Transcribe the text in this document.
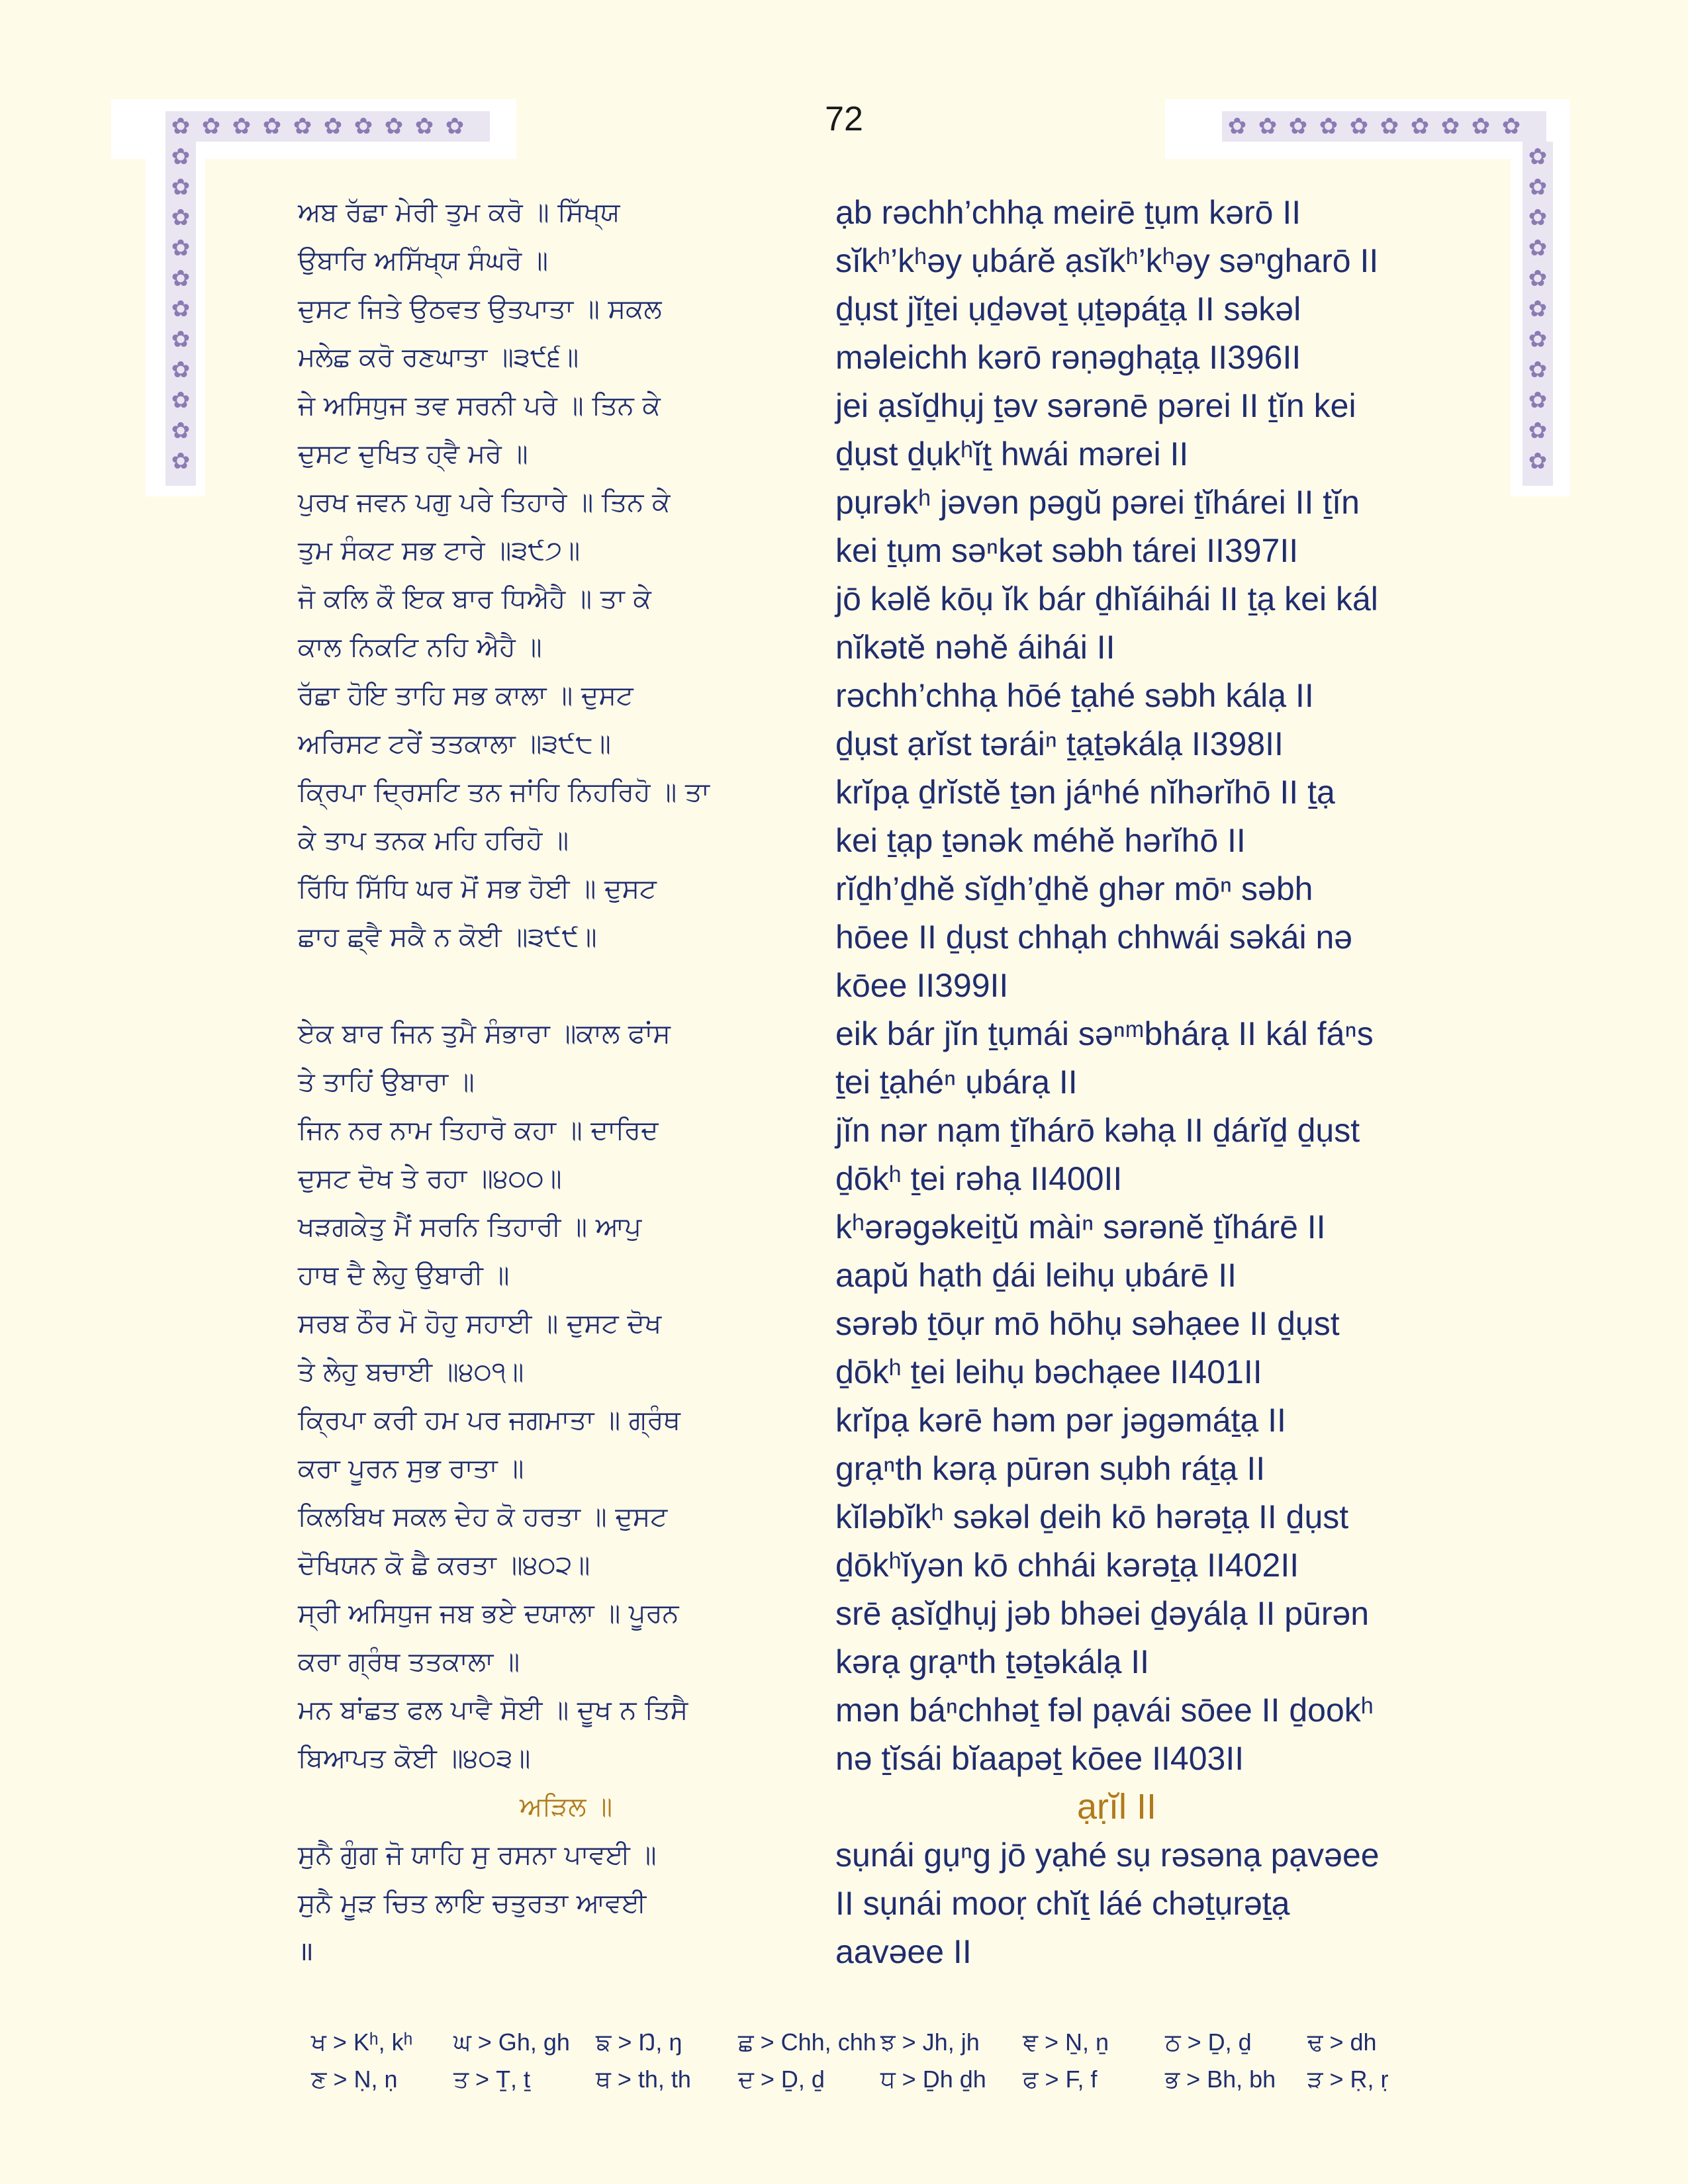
✿ ✿ ✿ ✿ ✿ ✿ ✿ ✿ ✿ ✿
✿
✿
✿
✿
✿
✿
✿
✿
✿
✿
✿
✿ ✿ ✿ ✿ ✿ ✿ ✿ ✿ ✿ ✿
✿
✿
✿
✿
✿
✿
✿
✿
✿
✿
✿
72
ਅਬ ਰੱਛਾ ਮੇਰੀ ਤੁਮ ਕਰੋ ॥ ਸਿੱਖ੍ਯ
ਉਬਾਰਿ ਅਸਿੱਖ੍ਯ ਸੰਘਰੋ ॥
ਦੁਸਟ ਜਿਤੇ ਉਠਵਤ ਉਤਪਾਤਾ ॥ ਸਕਲ
ਮਲੇਛ ਕਰੋ ਰਣਘਾਤਾ ॥੩੯੬॥
ਜੇ ਅਸਿਧੁਜ ਤਵ ਸਰਨੀ ਪਰੇ ॥ ਤਿਨ ਕੇ
ਦੁਸਟ ਦੁਖਿਤ ਹ੍ਵੈ ਮਰੇ ॥
ਪੁਰਖ ਜਵਨ ਪਗੁ ਪਰੇ ਤਿਹਾਰੇ ॥ ਤਿਨ ਕੇ
ਤੁਮ ਸੰਕਟ ਸਭ ਟਾਰੇ ॥੩੯੭॥
ਜੋ ਕਲਿ ਕੌ ਇਕ ਬਾਰ ਧਿਐਹੈ ॥ ਤਾ ਕੇ
ਕਾਲ ਨਿਕਟਿ ਨਹਿ ਐਹੈ ॥
ਰੱਛਾ ਹੋਇ ਤਾਹਿ ਸਭ ਕਾਲਾ ॥ ਦੁਸਟ
ਅਰਿਸਟ ਟਰੇਂ ਤਤਕਾਲਾ ॥੩੯੮॥
ਕ੍ਰਿਪਾ ਦ੍ਰਿਸਟਿ ਤਨ ਜਾਂਹਿ ਨਿਹਰਿਹੋ ॥ ਤਾ
ਕੇ ਤਾਪ ਤਨਕ ਮਹਿ ਹਰਿਹੋ ॥
ਰਿੱਧਿ ਸਿੱਧਿ ਘਰ ਮੋਂ ਸਭ ਹੋਈ ॥ ਦੁਸਟ
ਛਾਹ ਛ੍ਵੈ ਸਕੈ ਨ ਕੋਈ ॥੩੯੯॥
ਏਕ ਬਾਰ ਜਿਨ ਤੁਮੈ ਸੰਭਾਰਾ ॥ਕਾਲ ਫਾਂਸ
ਤੇ ਤਾਹਿਂ ਉਬਾਰਾ ॥
ਜਿਨ ਨਰ ਨਾਮ ਤਿਹਾਰੋ ਕਹਾ ॥ ਦਾਰਿਦ
ਦੁਸਟ ਦੋਖ ਤੇ ਰਹਾ ॥੪੦੦॥
ਖੜਗਕੇਤੁ ਮੈਂ ਸਰਨਿ ਤਿਹਾਰੀ ॥ ਆਪੁ
ਹਾਥ ਦੈ ਲੇਹੁ ਉਬਾਰੀ ॥
ਸਰਬ ਠੌਰ ਮੋ ਹੋਹੁ ਸਹਾਈ ॥ ਦੁਸਟ ਦੋਖ
ਤੇ ਲੇਹੁ ਬਚਾਈ ॥੪੦੧॥
ਕ੍ਰਿਪਾ ਕਰੀ ਹਮ ਪਰ ਜਗਮਾਤਾ ॥ ਗ੍ਰੰਥ
ਕਰਾ ਪੂਰਨ ਸੁਭ ਰਾਤਾ ॥
ਕਿਲਬਿਖ ਸਕਲ ਦੇਹ ਕੋ ਹਰਤਾ ॥ ਦੁਸਟ
ਦੋਖਿਯਨ ਕੋ ਛੈ ਕਰਤਾ ॥੪੦੨॥
ਸ੍ਰੀ ਅਸਿਧੁਜ ਜਬ ਭਏ ਦਯਾਲਾ ॥ ਪੂਰਨ
ਕਰਾ ਗ੍ਰੰਥ ਤਤਕਾਲਾ ॥
ਮਨ ਬਾਂਛਤ ਫਲ ਪਾਵੈ ਸੋਈ ॥ ਦੂਖ ਨ ਤਿਸੈ
ਬਿਆਪਤ ਕੋਈ ॥੪੦੩॥
ਅੜਿਲ ॥
ਸੁਨੈ ਗੁੰਗ ਜੋ ਯਾਹਿ ਸੁ ਰਸਨਾ ਪਾਵਈ ॥
ਸੁਨੈ ਮੂੜ ਚਿਤ ਲਾਇ ਚਤੁਰਤਾ ਆਵਈ
॥
ạb rəchh’chhạ meirē ṯụm kərō II
sĭkʰ’kʰəy ụbárĕ ạsĭkʰ’kʰəy səⁿgharō II
ḏụst jĭṯei ụḏəvəṯ ụṯəpáṯạ II səkəl
məleichh kərō rəṇəghạṯạ II396II
jei ạsĭḏhụj ṯəv sərənē pərei II ṯĭn kei
ḏụst ḏụkʰĭṯ hwái mərei II
pụrəkʰ jəvən pəgŭ pərei ṯĭhárei II ṯĭn
kei ṯụm səⁿkət səbh tárei II397II
jō kəlĕ kōụ ĭk bár ḏhĭáihái II ṯạ kei kál
nĭkətĕ nəhĕ áihái II
rəchh’chhạ hōé ṯạhé səbh kálạ II
ḏụst ạrĭst təráiⁿ ṯạṯəkálạ II398II
krĭpạ ḏrĭstĕ ṯən jáⁿhé nĭhərĭhō II ṯạ
kei ṯạp ṯənək méhĕ hərĭhō II
rĭḏh’ḏhĕ sĭḏh’ḏhĕ ghər mōⁿ səbh
hōee II ḏụst chhạh chhwái səkái nə
kōee II399II
eik bár jĭn ṯụmái səⁿᵐbhárạ II kál fáⁿs
ṯei ṯạhéⁿ ụbárạ II
jĭn nər nạm ṯĭhárō kəhạ II ḏárĭḏ ḏụst
ḏōkʰ ṯei rəhạ II400II
kʰərəgəkeiṯŭ màiⁿ sərənĕ ṯĭhárē II
aapŭ hạth ḏái leihụ ụbárē II
sərəb ṯōụr mō hōhụ səhạee II ḏụst
ḏōkʰ ṯei leihụ bəchạee II401II
krĭpạ kərē həm pər jəgəmáṯạ II
grạⁿth kərạ pūrən sụbh ráṯạ II
kĭləbĭkʰ səkəl ḏeih kō hərəṯạ II ḏụst
ḏōkʰĭyən kō chhái kərəṯạ II402II
srē ạsĭḏhụj jəb bhəei ḏəyálạ II pūrən
kərạ grạⁿth ṯəṯəkálạ II
mən báⁿchhəṯ fəl pạvái sōee II ḏookʰ
nə ṯĭsái bĭaapəṯ kōee II403II
ạṛĭl II
sụnái gụⁿg jō yạhé sụ rəsənạ pạvəee
II sụnái mooṛ chĭṯ láé chəṯụrəṯạ
aavəee II
ਖ > Kʰ, kʰ	ਘ > Gh, gh	ਙ > Ŋ, ŋ	ਛ > Chh, chh ਝ > Jh, jh	ਞ > Ṉ, ṉ	ਠ > Ḏ, ḏ	ਢ > dh
ਣ > Ṇ, ṇ	ਤ > Ṯ, ṯ	ਥ > th, th	ਦ > Ḏ, ḏ	ਧ > Ḏh ḏh	ਫ > F, f	ਭ > Bh, bh	ੜ > Ṛ, ṛ
